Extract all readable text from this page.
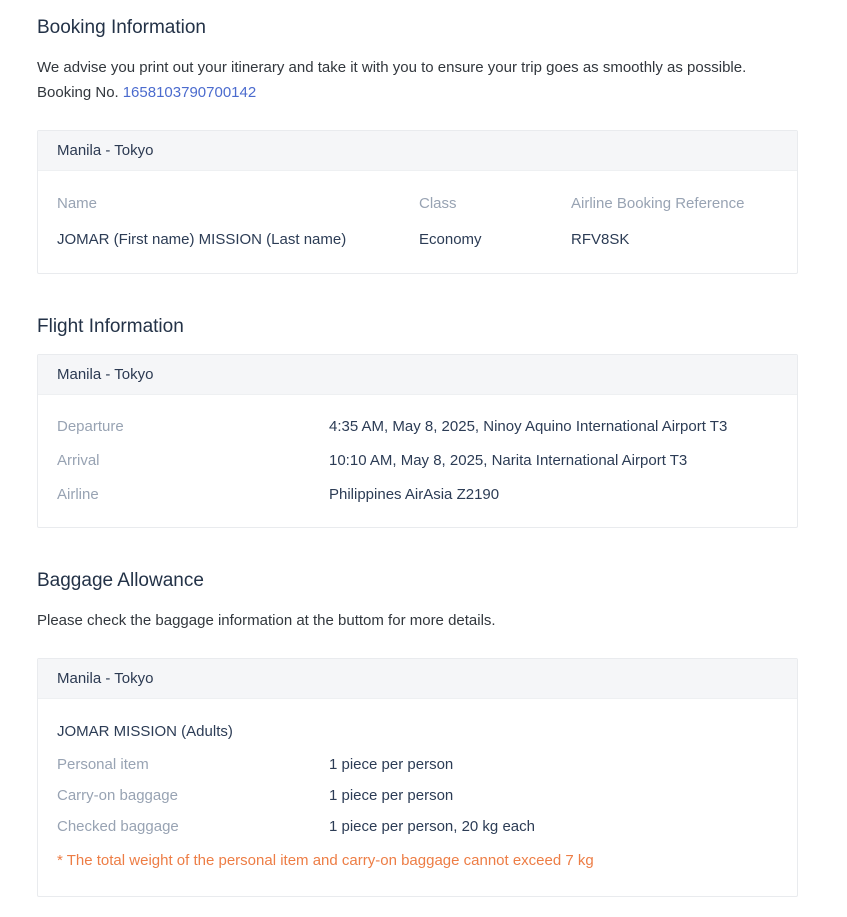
Booking Information

We advise you print out your itinerary and take it with you to ensure your trip goes as smoothly as possible.

Booking No. 1658103790700142

Manila - Tokyo
Name	Class	Airline Booking Reference
JOMAR (First name) MISSION (Last name)	Economy	RFV8SK
Flight Information
Manila - Tokyo
Departure	4:35 AM, May 8, 2025, Ninoy Aquino International Airport T3
Arrival	10:10 AM, May 8, 2025, Narita International Airport T3
Airline	Philippines AirAsia Z2190
Baggage Allowance

Please check the baggage information at the buttom for more details.

Manila - Tokyo

JOMAR MISSION (Adults)

Personal item	1 piece per person
Carry-on baggage	1 piece per person
Checked baggage	1 piece per person, 20 kg each

* The total weight of the personal item and carry-on baggage cannot exceed 7 kg
